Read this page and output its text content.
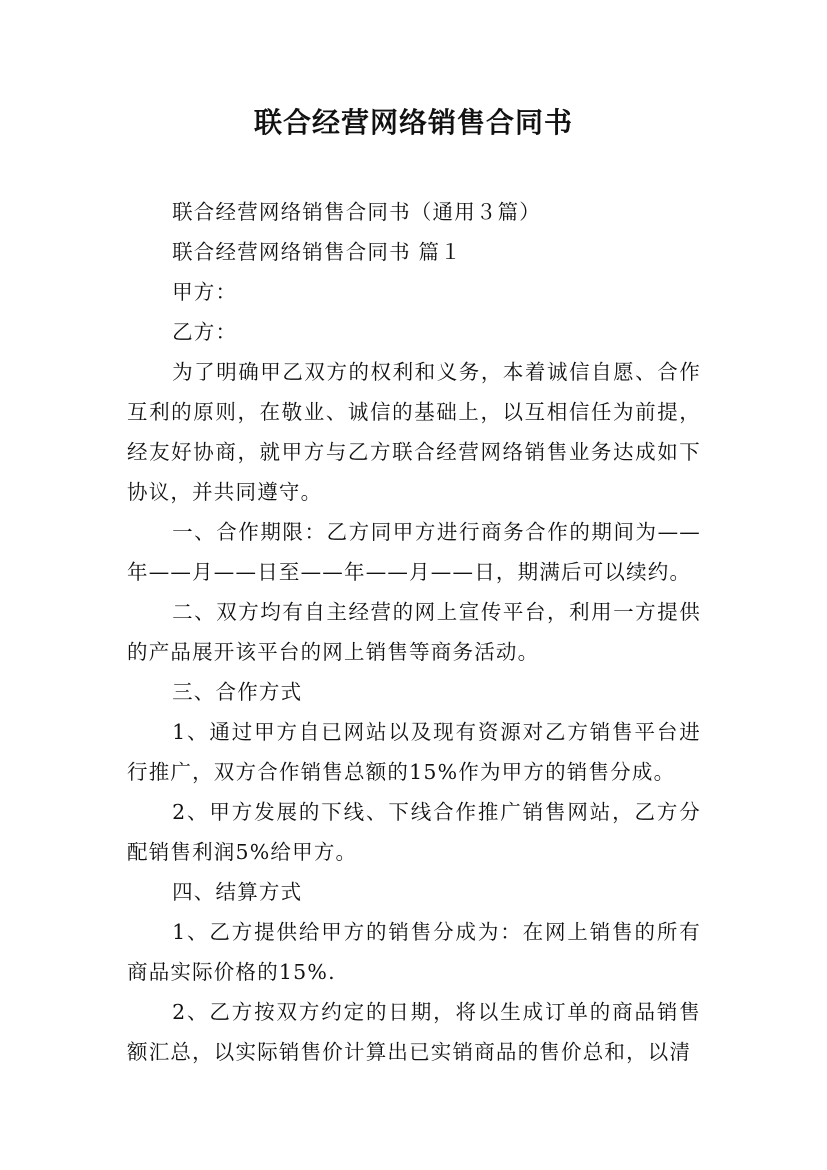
联合经营网络销售合同书

联合经营网络销售合同书（通用３篇）

联合经营网络销售合同书 篇１

甲方：

乙方：

为了明确甲乙双方的权利和义务，本着诚信自愿、合作互利的原则，在敬业、诚信的基础上，以互相信任为前提，经友好协商，就甲方与乙方联合经营网络销售业务达成如下协议，并共同遵守。

一、合作期限：乙方同甲方进行商务合作的期间为——年——月——日至——年——月——日，期满后可以续约。

二、双方均有自主经营的网上宣传平台，利用一方提供的产品展开该平台的网上销售等商务活动。

三、合作方式

1、通过甲方自已网站以及现有资源对乙方销售平台进行推广，双方合作销售总额的15%作为甲方的销售分成。

2、甲方发展的下线、下线合作推广销售网站，乙方分配销售利润5%给甲方。

四、结算方式

1、乙方提供给甲方的销售分成为：在网上销售的所有商品实际价格的15%.

2、乙方按双方约定的日期，将以生成订单的商品销售额汇总，以实际销售价计算出已实销商品的售价总和，以清
